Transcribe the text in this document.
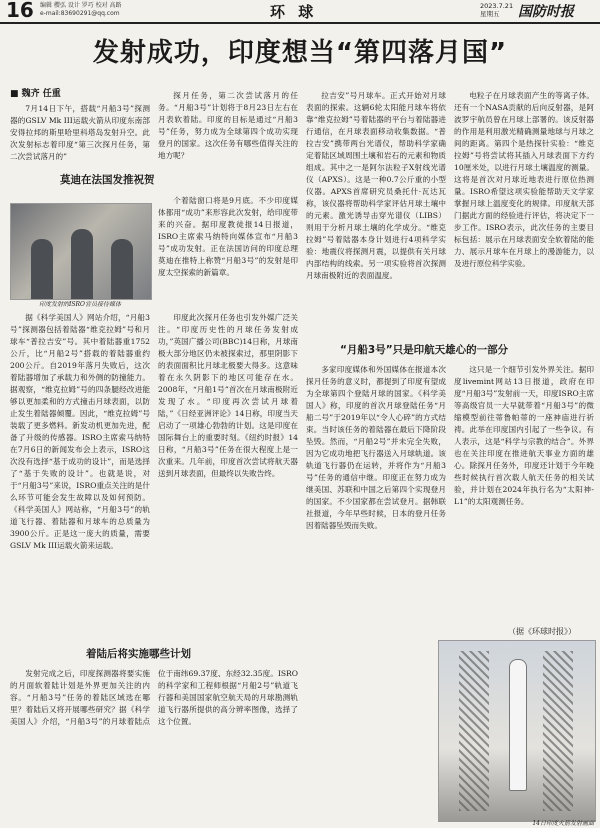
16 编辑 樱弘 设计 罗巧 校对 高路
e-mail:83690291@qq.com	环 球	2023.7.21
星期五	国防时报
发射成功，印度想当“第四落月国”
■ 魏齐 任重

7月14日下午，搭载“月船3号”探测器的GSLV Mk III运载火箭从印度东南部安得拉邦的斯里哈里科塔岛发射升空。此次发射标志着印度“第三次探月任务，第二次尝试落月的”

探月任务，第二次尝试落月的任务。“月船3号”计划将于8月23日左右在月表软着陆。印度的目标是通过“月船3号”任务，努力成为全球第四个成功实现登月的国家。这次任务有哪些值得关注的地方呢？

莫迪在法国发推祝贺
印度发射的ISRO官员接待媒体

个着陆窗口将是9月底。不少印度媒体都用“成功”来形容此次发射，给印度带来的兴奋。据印度教徒报14日报道，ISRO主席索马纳特向媒体宣布“月船3号”成功发射。正在法国访问的印度总理莫迪在推特上称赞“月船3号”的发射是印度太空探索的新篇章。

据《科学美国人》网站介绍，“月船3号”探测器包括着陆器“维克拉姆”号和月球车“普拉吉安”号。其中着陆器重1752公斤，比“月船2号”搭载的着陆器重约200公斤。自2019年落月失败后，这次着陆器增加了承载力和外侧的防撞能力。据观察，“维克拉姆”号的四条腿经改进能够以更加柔和的方式撞击月球表面，以防止发生着陆器倾覆。因此，“维克拉姆”号装载了更多燃料。新发动机更加先进，配备了升级的传感器。ISRO主席索马纳特在7月6日的新闻发布会上表示，ISRO这次没有选择“基于成功的设计”，而是选择了“基于失败的设计”。也就是说，对于“月船3号”来说，ISRO重点关注的是什么环节可能会发生故障以及如何预防。《科学美国人》网站称，“月船3号”的轨道飞行器、着陆器和月球车的总质量为3900公斤。正是这一庞大的质量，需要GSLV Mk III运载火箭来运载。

印度此次探月任务也引发外媒广泛关注。“印度历史性的月球任务发射成功，”英国广播公司(BBC)14日称，月球南极大部分地区仍未被探索过，那里阴影下的表面面积比月球北极要大得多。这意味着在永久阴影下的地区可能存在水。2008年，“月船1号”首次在月球南极附近发现了水。“印度再次尝试月球着陆，”《日经亚洲评论》14日称，印度当天启动了一项雄心勃勃的计划。这是印度在国际舞台上的重要时刻。《纽约时报》14日称，“月船3号”任务在很大程度上是一次重来。几年前，印度首次尝试将航天器送到月球表面，但最终以失败告终。

着陆后将实施哪些计划

发射完成之后，印度探测器将要实施的月面软着陆计划是外界更加关注的内容。“月船3号”任务的着陆区域选在哪里？着陆后又将开展哪些研究？据《科学美国人》介绍，“月船3号”的月球着陆点位于南纬69.37度、东经32.35度。ISRO的科学家和工程师根据“月船2号”轨道飞行器和美国国家航空航天局的月球勘测轨道飞行器所提供的高分辨率图像，选择了这个位置。

拉吉安”号月球车。正式开始对月球表面的探索。这辆6轮太阳能月球车将依靠“维克拉姆”号着陆器的平台与着陆器进行通信，在月球表面移动收集数据。“普拉吉安”携带两台光谱仪，帮助科学家确定着陆区域周围土壤和岩石的元素和物质组成。其中之一是阿尔法粒子X射线光谱仪（APXS）。这是一种0.7公斤重的小型仪器。APXS首席研究员桑托什·瓦达瓦称，该仪器将帮助科学家评估月球土壤中的元素。激光诱导击穿光谱仪（LIBS）则用于分析月球土壤的化学成分。“维克拉姆”号着陆器本身计划进行4项科学实验：地震仪将探测月震，以提供有关月球内部结构的线索。另一项实验将首次探测月球南极附近的表面温度。

“月船3号”只是印航天雄心的一部分

多家印度媒体和外国媒体在报道本次探月任务的意义时，都提到了印度有望成为全球第四个登陆月球的国家。《科学美国人》称，印度的首次月球登陆任务“月船二号”于2019年以“令人心碎”的方式结束。当时该任务的着陆器在最后下降阶段坠毁。然而，“月船2号”并未完全失败，因为它成功地把飞行器送入月球轨道。该轨道飞行器仍在运转，并将作为“月船3号”任务的通信中继。印度正在努力成为继美国、苏联和中国之后第四个实现登月的国家。不少国家都在尝试登月。据韩联社报道，今年早些时候，日本的登月任务因着陆器坠毁而失败。

电粒子在月球表面产生的等离子体。还有一个NASA贡献的后向反射器，是阿波罗宇航员曾在月球上部署的。该反射器的作用是利用激光精确测量地球与月球之间的距离。第四个是热探针实验：“维克拉姆”号将尝试将其插入月球表面下方约10厘米处，以进行月球土壤温度的测量。这将是首次对月球近地表进行原位热测量。ISRO希望这项实验能帮助天文学家掌握月球上温度变化的规律。印度航天部门据此方面的经验进行评估，将决定下一步工作。ISRO表示，此次任务的主要目标包括：展示在月球表面安全软着陆的能力、展示月球车在月球上的漫游能力，以及进行原位科学实验。

这只是一个细节引发外界关注。据印度livemint网站13日报道，政府在印度“月船3号”发射前一天，印度ISRO主席等高级官员一大早就带着“月船3号”的微缩模型前往蒂鲁帕蒂的一座神庙进行祈祷。此举在印度国内引起了一些争议。有人表示，这是“科学与宗教的结合”。外界也在关注印度在推进航天事业方面的雄心。除探月任务外，印度还计划于今年晚些时候执行首次载人航天任务的相关试验，并计划在2024年执行名为“太阳神-L1”的太阳观测任务。

（据《环球时报》）
14日印度火箭发射画面
